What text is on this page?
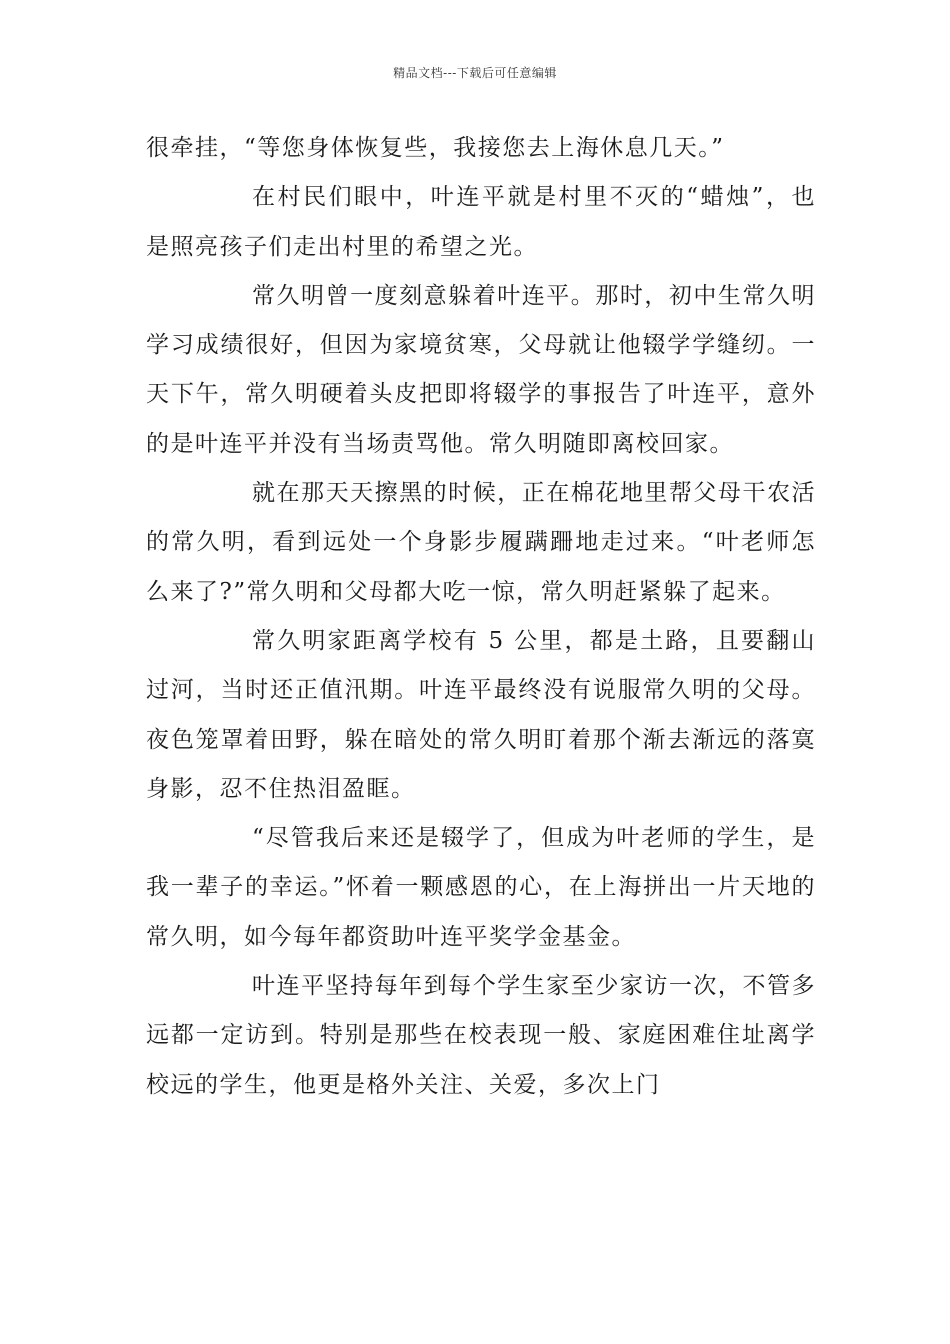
精品文档---下载后可任意编辑

很牵挂，“等您身体恢复些，我接您去上海休息几天。”

在村民们眼中，叶连平就是村里不灭的“蜡烛”，也是照亮孩子们走出村里的希望之光。

常久明曾一度刻意躲着叶连平。那时，初中生常久明学习成绩很好，但因为家境贫寒，父母就让他辍学学缝纫。一天下午，常久明硬着头皮把即将辍学的事报告了叶连平，意外的是叶连平并没有当场责骂他。常久明随即离校回家。

就在那天天擦黑的时候，正在棉花地里帮父母干农活的常久明，看到远处一个身影步履蹒跚地走过来。“叶老师怎么来了?”常久明和父母都大吃一惊，常久明赶紧躲了起来。

常久明家距离学校有 5 公里，都是土路，且要翻山过河，当时还正值汛期。叶连平最终没有说服常久明的父母。夜色笼罩着田野，躲在暗处的常久明盯着那个渐去渐远的落寞身影，忍不住热泪盈眶。

“尽管我后来还是辍学了，但成为叶老师的学生，是我一辈子的幸运。”怀着一颗感恩的心，在上海拼出一片天地的常久明，如今每年都资助叶连平奖学金基金。

叶连平坚持每年到每个学生家至少家访一次，不管多远都一定访到。特别是那些在校表现一般、家庭困难住址离学校远的学生，他更是格外关注、关爱，多次上门
